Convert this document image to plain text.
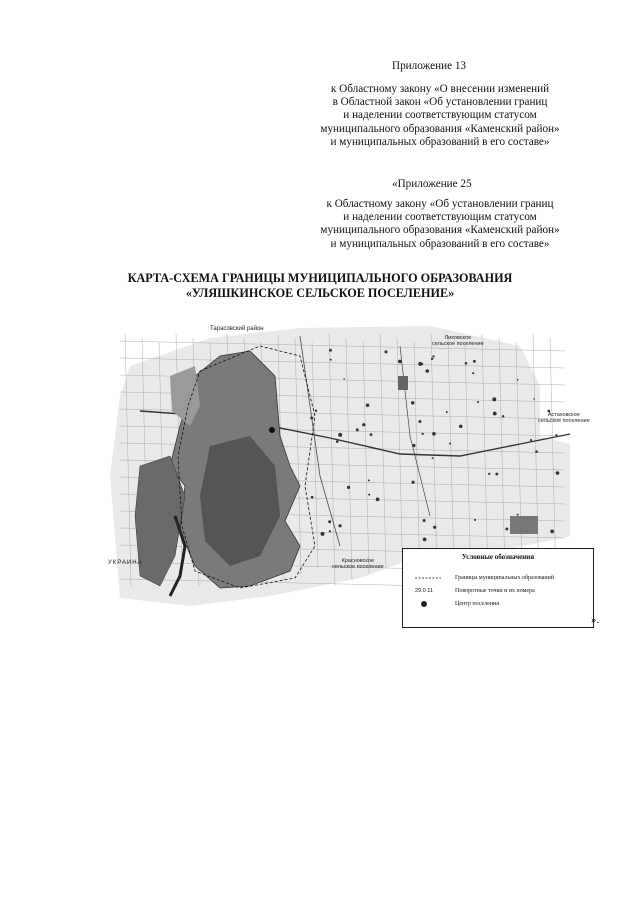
Приложение 13
к Областному закону «О внесении изменений
в Областной закон «Об установлении границ
и наделении соответствующим статусом
муниципального образования «Каменский район»
и муниципальных образований в его составе»
«Приложение 25
к Областному закону «Об установлении границ
и наделении соответствующим статусом
муниципального образования «Каменский район»
и муниципальных образований в его составе»
КАРТА-СХЕМА ГРАНИЦЫ МУНИЦИПАЛЬНОГО ОБРАЗОВАНИЯ
«УЛЯШКИНСКОЕ СЕЛЬСКОЕ ПОСЕЛЕНИЕ»
Тарасовский район
Лиховское
сельское поселение
Астаховское
сельское поселение
УКРАИНА	Красновское
сельское поселение
Условные обозначения
Границы муниципальных образований
29.0 11	Поворотные точки и их номера
Центр поселения
».
